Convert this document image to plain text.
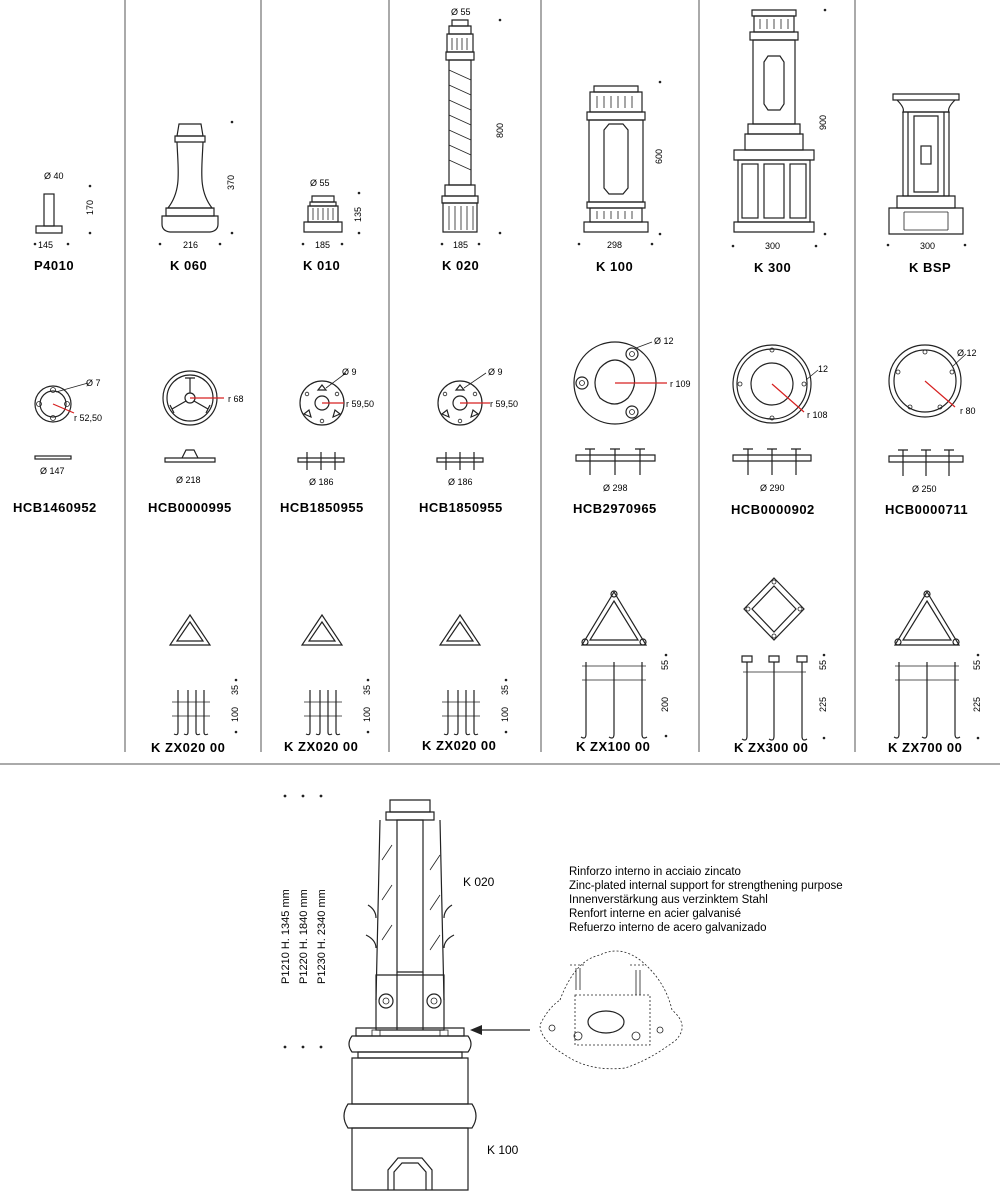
Ø 40
170
145
P4010
370
216
K 060
Ø 55
135
185
K 010
Ø 55
800
185
K 020
600
298
K 100
900
300
K 300
300
K BSP
Ø 7
r 52,50
Ø 147
HCB1460952
r 68
Ø 218
HCB0000995
Ø 9
r 59,50
Ø 186
HCB1850955
Ø 9
r 59,50
Ø 186
HCB1850955
Ø 12
r 109
Ø 298
HCB2970965
12
r 108
Ø 290
HCB0000902
Ø 12
r 80
Ø 250
HCB0000711
35
100
K ZX020 00
35
100
K ZX020 00
35
100
K ZX020 00
55
200
K ZX100 00
55
225
K ZX300 00
55
225
K ZX700 00
P1210 H. 1345 mm P1220 H. 1840 mm P1230 H. 2340 mm
K 020
K 100
Rinforzo interno in acciaio zincato
Zinc-plated internal support for strengthening purpose
Innenverstärkung aus verzinktem Stahl
Renfort interne en acier galvanisé
Refuerzo interno de acero galvanizado
